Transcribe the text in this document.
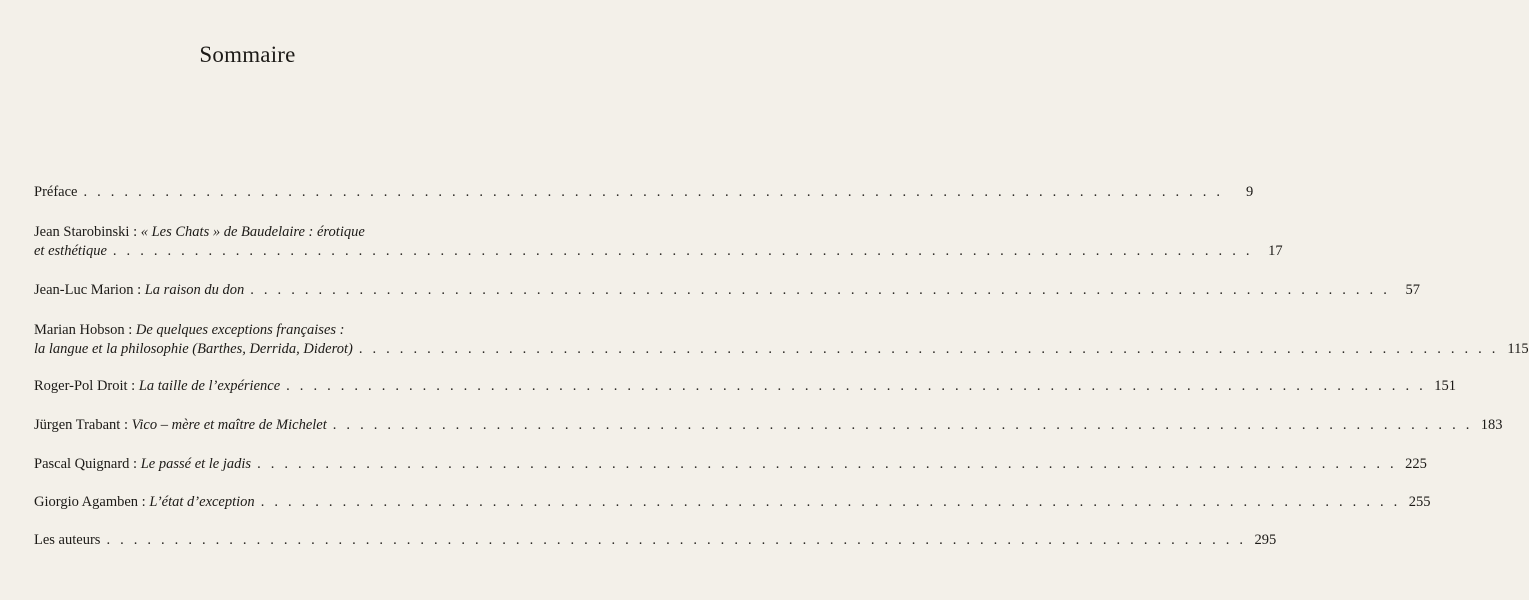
Sommaire
Préface . . .	9
Jean Starobinski : « Les Chats » de Baudelaire : érotique
et esthétique . . .	17
Jean-Luc Marion : La raison du don . . .	57
Marian Hobson : De quelques exceptions françaises :
la langue et la philosophie (Barthes, Derrida, Diderot) . . .	115
Roger-Pol Droit : La taille de l’expérience . . .	151
Jürgen Trabant : Vico – mère et maître de Michelet . . .	183
Pascal Quignard : Le passé et le jadis . . .	225
Giorgio Agamben : L’état d’exception . . .	255
Les auteurs . . .	295
